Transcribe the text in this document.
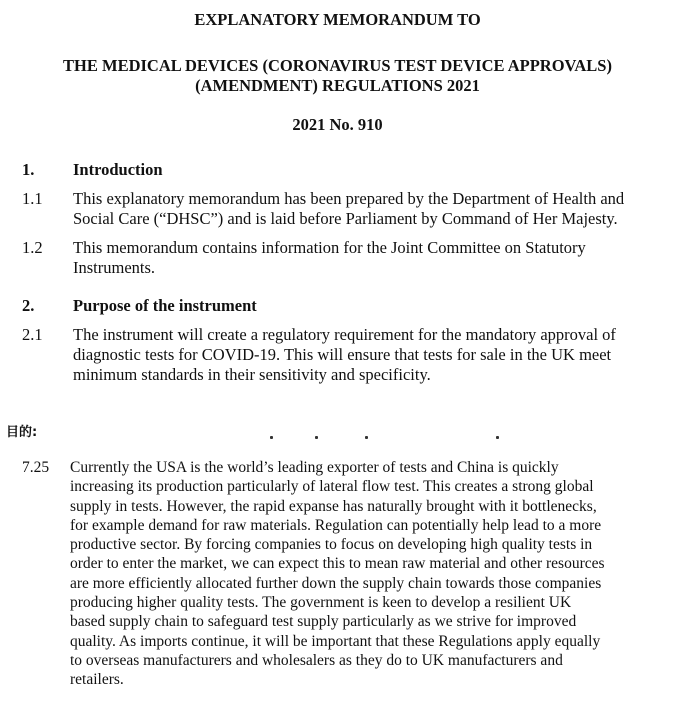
EXPLANATORY MEMORANDUM TO

THE MEDICAL DEVICES (CORONAVIRUS TEST DEVICE APPROVALS)

(AMENDMENT) REGULATIONS 2021

2021 No. 910

1. Introduction

1.1 This explanatory memorandum has been prepared by the Department of Health and Social Care (“DHSC”) and is laid before Parliament by Command of Her Majesty.

1.2 This memorandum contains information for the Joint Committee on Statutory Instruments.

2. Purpose of the instrument

2.1 The instrument will create a regulatory requirement for the mandatory approval of diagnostic tests for COVID-19. This will ensure that tests for sale in the UK meet minimum standards in their sensitivity and specificity.

目的:

7.25 Currently the USA is the world’s leading exporter of tests and China is quickly
increasing its production particularly of lateral flow test. This creates a strong global
supply in tests. However, the rapid expanse has naturally brought with it bottlenecks,
for example demand for raw materials. Regulation can potentially help lead to a more
productive sector. By forcing companies to focus on developing high quality tests in
order to enter the market, we can expect this to mean raw material and other resources
are more efficiently allocated further down the supply chain towards those companies
producing higher quality tests. The government is keen to develop a resilient UK
based supply chain to safeguard test supply particularly as we strive for improved
quality. As imports continue, it will be important that these Regulations apply equally
to overseas manufacturers and wholesalers as they do to UK manufacturers and
retailers.
